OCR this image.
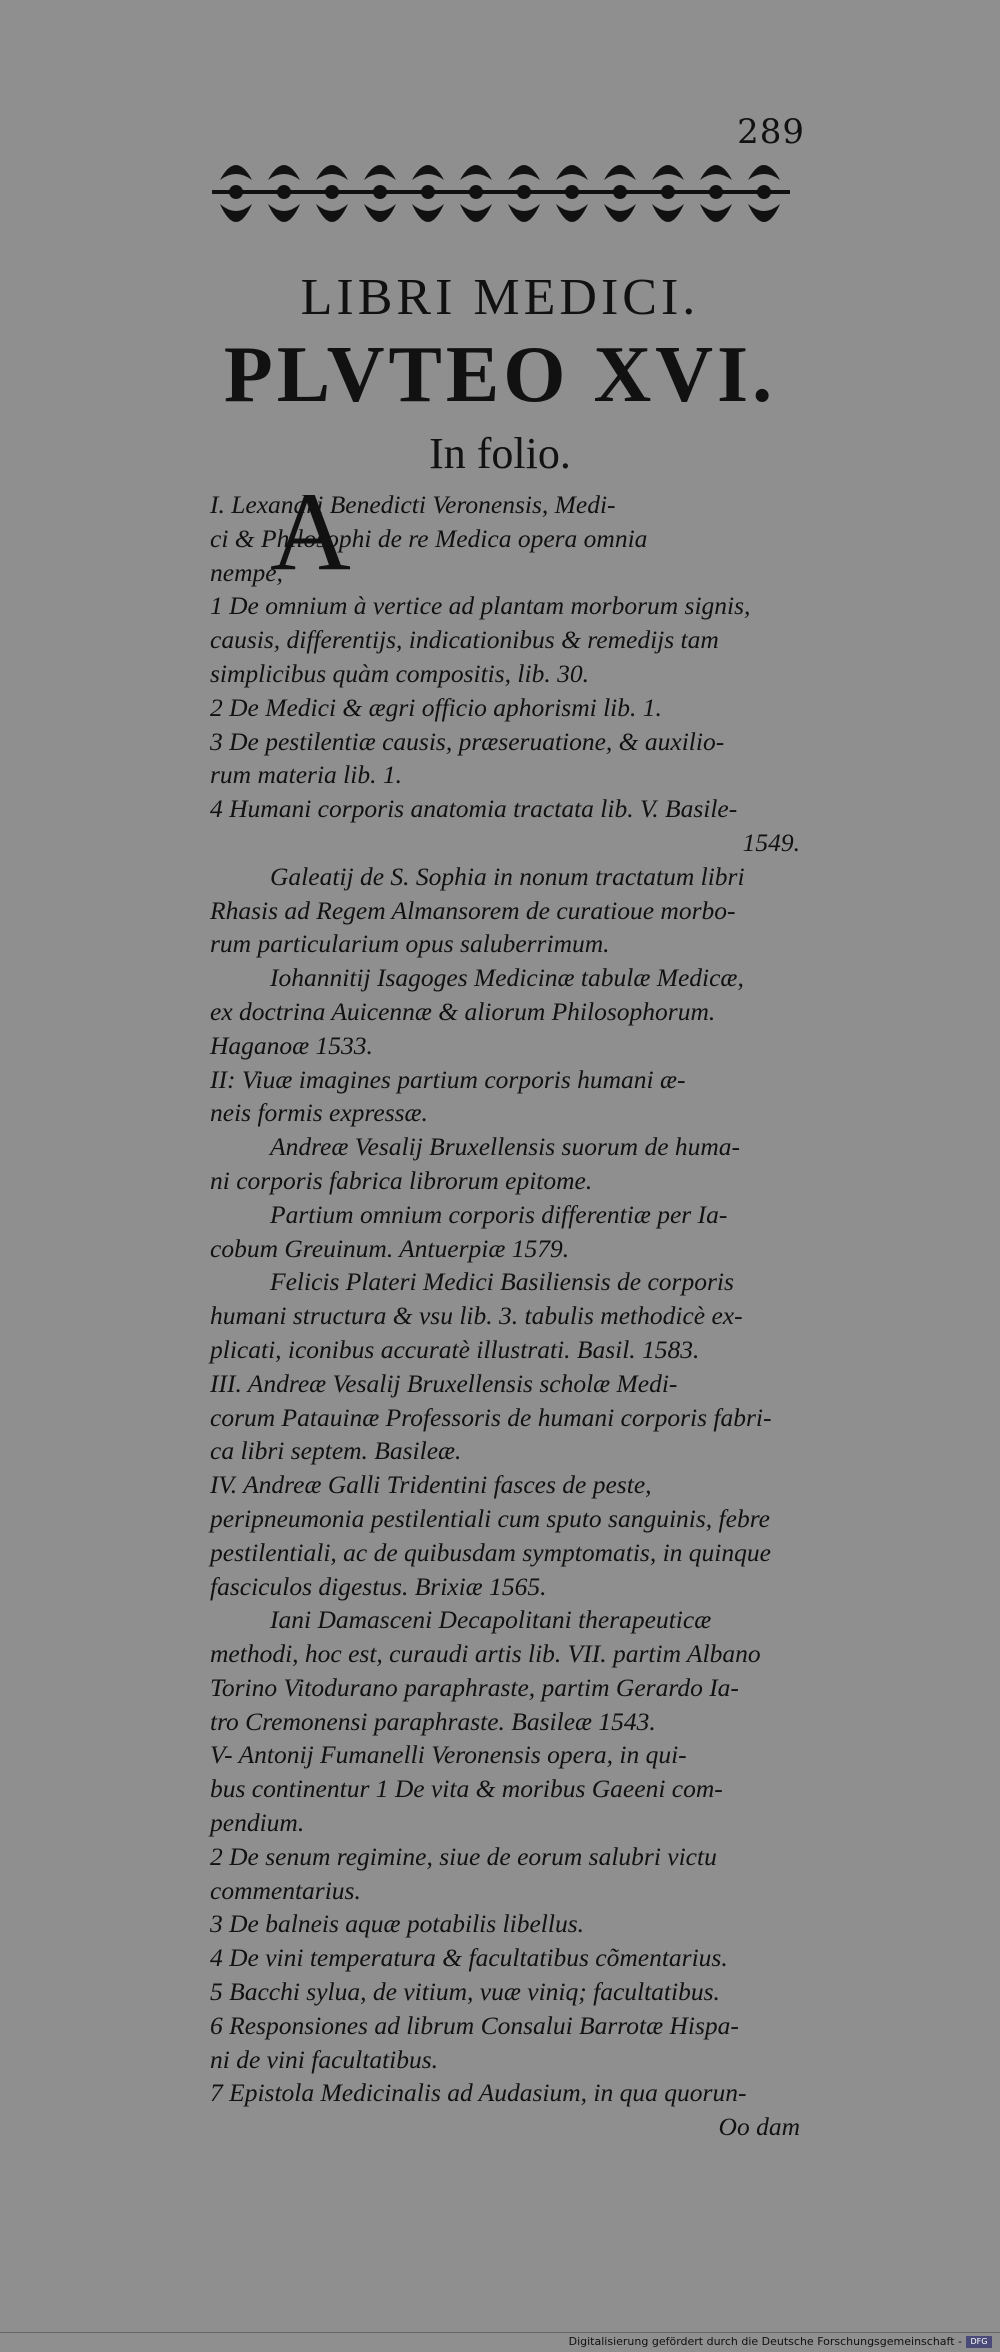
289
LIBRI MEDICI.
PLVTEO XVI.
In folio.
A
I. Lexandri Benedicti Veronensis, Medi-
ci & Philosophi de re Medica opera omnia
nempe,
1 De omnium à vertice ad plantam morborum signis,
causis, differentijs, indicationibus & remedijs tam
simplicibus quàm compositis, lib. 30.
2 De Medici & ægri officio aphorismi lib. 1.
3 De pestilentiæ causis, præseruatione, & auxilio-
rum materia lib. 1.
4 Humani corporis anatomia tractata lib. V. Basile-
1549.
Galeatij de S. Sophia in nonum tractatum libri
Rhasis ad Regem Almansorem de curatioue morbo-
rum particularium opus saluberrimum.
Iohannitij Isagoges Medicinæ tabulæ Medicæ,
ex doctrina Auicennæ & aliorum Philosophorum.
Haganoæ 1533.
II: Viuæ imagines partium corporis humani æ-
neis formis expressæ.
Andreæ Vesalij Bruxellensis suorum de huma-
ni corporis fabrica librorum epitome.
Partium omnium corporis differentiæ per Ia-
cobum Greuinum. Antuerpiæ 1579.
Felicis Plateri Medici Basiliensis de corporis
humani structura & vsu lib. 3. tabulis methodicè ex-
plicati, iconibus accuratè illustrati. Basil. 1583.
III. Andreæ Vesalij Bruxellensis scholæ Medi-
corum Patauinæ Professoris de humani corporis fabri-
ca libri septem. Basileæ.
IV. Andreæ Galli Tridentini fasces de peste,
peripneumonia pestilentiali cum sputo sanguinis, febre
pestilentiali, ac de quibusdam symptomatis, in quinque
fasciculos digestus. Brixiæ 1565.
Iani Damasceni Decapolitani therapeuticæ
methodi, hoc est, curaudi artis lib. VII. partim Albano
Torino Vitodurano paraphraste, partim Gerardo Ia-
tro Cremonensi paraphraste. Basileæ 1543.
V- Antonij Fumanelli Veronensis opera, in qui-
bus continentur 1 De vita & moribus Gaeeni com-
pendium.
2 De senum regimine, siue de eorum salubri victu
commentarius.
3 De balneis aquæ potabilis libellus.
4 De vini temperatura & facultatibus cõmentarius.
5 Bacchi sylua, de vitium, vuæ viniq; facultatibus.
6 Responsiones ad librum Consalui Barrotæ Hispa-
ni de vini facultatibus.
7 Epistola Medicinalis ad Audasium, in qua quorun-
Oo dam
Digitalisierung gefördert durch die Deutsche Forschungsgemeinschaft -	DFG
